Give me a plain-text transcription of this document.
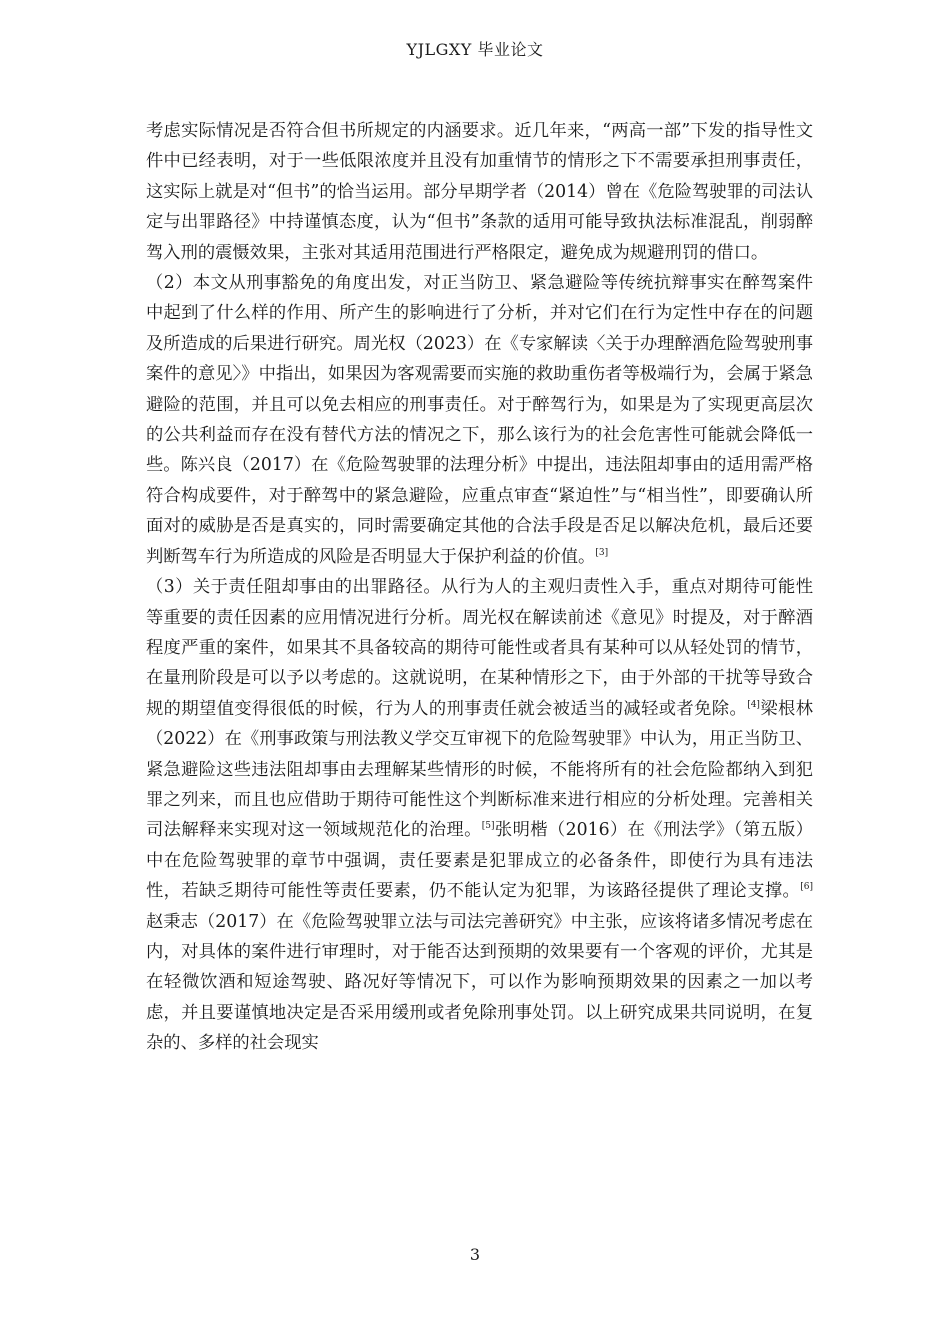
YJLGXY 毕业论文

考虑实际情况是否符合但书所规定的内涵要求。近几年来，“两高一部”下发的指导性文件中已经表明，对于一些低限浓度并且没有加重情节的情形之下不需要承担刑事责任，这实际上就是对“但书”的恰当运用。部分早期学者（2014）曾在《危险驾驶罪的司法认定与出罪路径》中持谨慎态度，认为“但书”条款的适用可能导致执法标准混乱，削弱醉驾入刑的震慑效果，主张对其适用范围进行严格限定，避免成为规避刑罚的借口。

（2）本文从刑事豁免的角度出发，对正当防卫、紧急避险等传统抗辩事实在醉驾案件中起到了什么样的作用、所产生的影响进行了分析，并对它们在行为定性中存在的问题及所造成的后果进行研究。周光权（2023）在《专家解读〈关于办理醉酒危险驾驶刑事案件的意见〉》中指出，如果因为客观需要而实施的救助重伤者等极端行为，会属于紧急避险的范围，并且可以免去相应的刑事责任。对于醉驾行为，如果是为了实现更高层次的公共利益而存在没有替代方法的情况之下，那么该行为的社会危害性可能就会降低一些。陈兴良（2017）在《危险驾驶罪的法理分析》中提出，违法阻却事由的适用需严格符合构成要件，对于醉驾中的紧急避险，应重点审查“紧迫性”与“相当性”，即要确认所面对的威胁是否是真实的，同时需要确定其他的合法手段是否足以解决危机，最后还要判断驾车行为所造成的风险是否明显大于保护利益的价值。[3]

（3）关于责任阻却事由的出罪路径。从行为人的主观归责性入手，重点对期待可能性等重要的责任因素的应用情况进行分析。周光权在解读前述《意见》时提及，对于醉酒程度严重的案件，如果其不具备较高的期待可能性或者具有某种可以从轻处罚的情节，在量刑阶段是可以予以考虑的。这就说明，在某种情形之下，由于外部的干扰等导致合规的期望值变得很低的时候，行为人的刑事责任就会被适当的减轻或者免除。[4]梁根林（2022）在《刑事政策与刑法教义学交互审视下的危险驾驶罪》中认为，用正当防卫、紧急避险这些违法阻却事由去理解某些情形的时候，不能将所有的社会危险都纳入到犯罪之列来，而且也应借助于期待可能性这个判断标准来进行相应的分析处理。完善相关司法解释来实现对这一领域规范化的治理。[5]张明楷（2016）在《刑法学》（第五版）中在危险驾驶罪的章节中强调，责任要素是犯罪成立的必备条件，即使行为具有违法性，若缺乏期待可能性等责任要素，仍不能认定为犯罪，为该路径提供了理论支撑。[6]赵秉志（2017）在《危险驾驶罪立法与司法完善研究》中主张，应该将诸多情况考虑在内，对具体的案件进行审理时，对于能否达到预期的效果要有一个客观的评价，尤其是在轻微饮酒和短途驾驶、路况好等情况下，可以作为影响预期效果的因素之一加以考虑，并且要谨慎地决定是否采用缓刑或者免除刑事处罚。以上研究成果共同说明，在复杂的、多样的社会现实

3
